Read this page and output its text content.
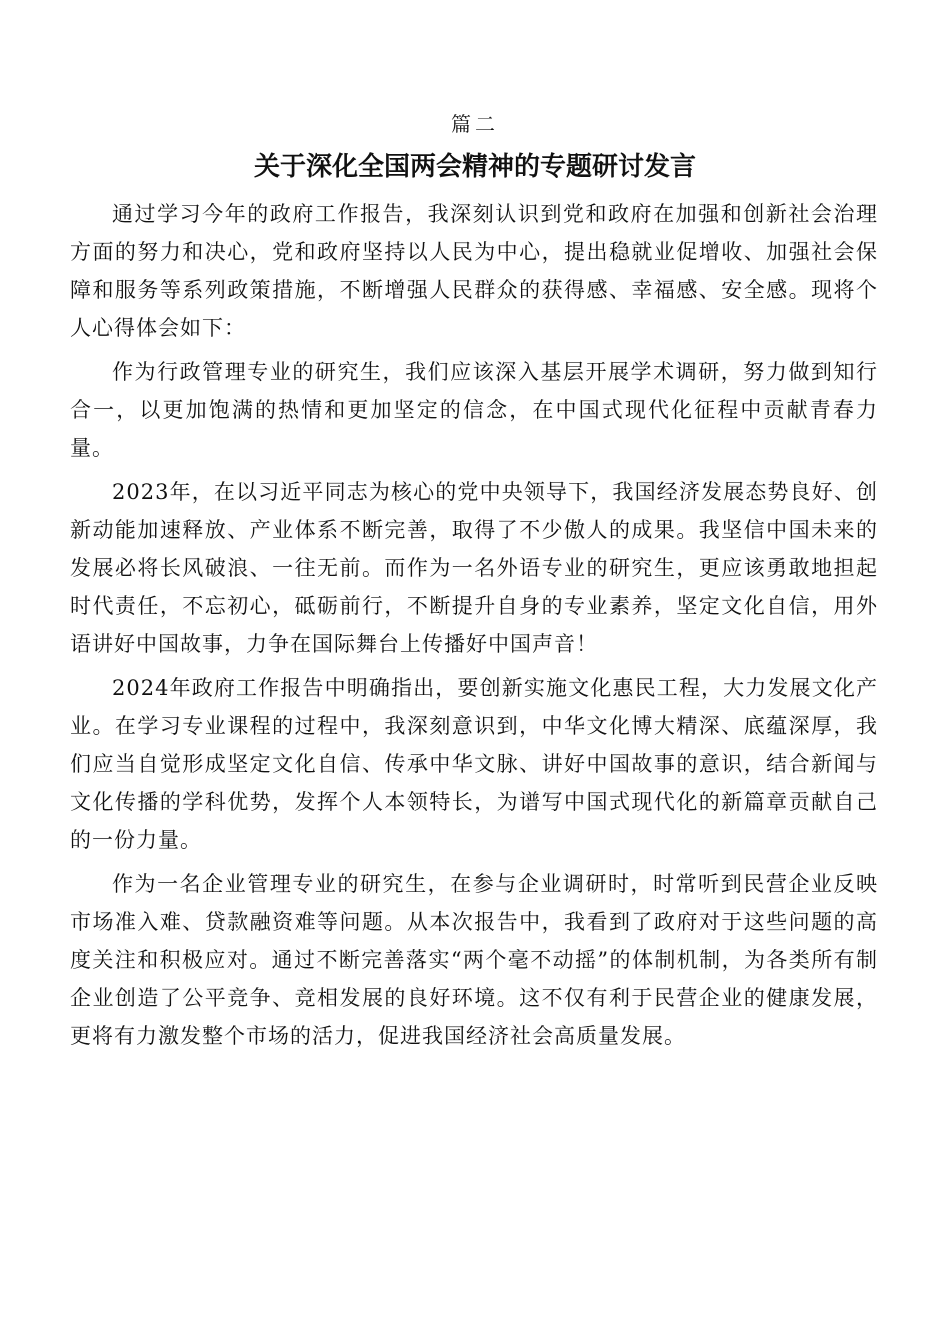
篇二
关于深化全国两会精神的专题研讨发言

通过学习今年的政府工作报告，我深刻认识到党和政府在加强和创新社会治理方面的努力和决心，党和政府坚持以人民为中心，提出稳就业促增收、加强社会保障和服务等系列政策措施，不断增强人民群众的获得感、幸福感、安全感。现将个人心得体会如下：

作为行政管理专业的研究生，我们应该深入基层开展学术调研，努力做到知行合一，以更加饱满的热情和更加坚定的信念，在中国式现代化征程中贡献青春力量。

2023年，在以习近平同志为核心的党中央领导下，我国经济发展态势良好、创新动能加速释放、产业体系不断完善，取得了不少傲人的成果。我坚信中国未来的发展必将长风破浪、一往无前。而作为一名外语专业的研究生，更应该勇敢地担起时代责任，不忘初心，砥砺前行，不断提升自身的专业素养，坚定文化自信，用外语讲好中国故事，力争在国际舞台上传播好中国声音！

2024年政府工作报告中明确指出，要创新实施文化惠民工程，大力发展文化产业。在学习专业课程的过程中，我深刻意识到，中华文化博大精深、底蕴深厚，我们应当自觉形成坚定文化自信、传承中华文脉、讲好中国故事的意识，结合新闻与文化传播的学科优势，发挥个人本领特长，为谱写中国式现代化的新篇章贡献自己的一份力量。

作为一名企业管理专业的研究生，在参与企业调研时，时常听到民营企业反映市场准入难、贷款融资难等问题。从本次报告中，我看到了政府对于这些问题的高度关注和积极应对。通过不断完善落实“两个毫不动摇”的体制机制，为各类所有制企业创造了公平竞争、竞相发展的良好环境。这不仅有利于民营企业的健康发展，更将有力激发整个市场的活力，促进我国经济社会高质量发展。
